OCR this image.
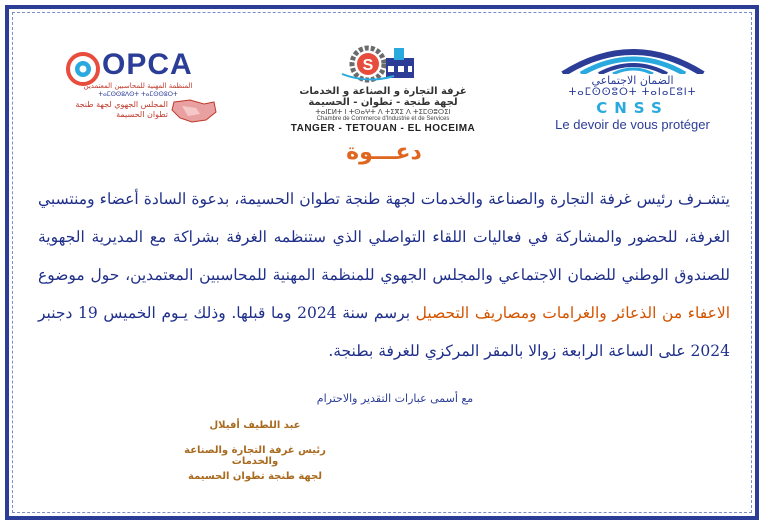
الضمان الاجتماعي
ⵜⴰⵎⵙⵙⵓⵔⵜ ⵜⴰⵏⴰⵎⵓⵏⵜ
CNSS
Le devoir de vous protéger
S
غرفة التجارة و الصناعة و الخدمات
لجهة طنجة - تطوان - الحسيمة
ⵜⴰⵏⵎⵍⵜ ⵏ ⵜⵙⴰⵖⵜ ⴷ ⵜⵉⴳⵉ ⴷ ⵜⵉⵎⵙⵓⵔⵉⵏ
Chambre de Commerce d'Industrie et de Services
TANGER - TETOUAN - EL HOCEIMA
OPCA
المنظمة المهنية للمحاسبين المعتمدين
ⵜⴰⵎⵙⵙⵓⴷⵙⵜ ⵜⴰⵎⵙⵙⵓⵔⵜ
المجلس الجهوي لجهة طنجة تطوان الحسيمة
دعـــوة
يتشـرف رئيس غرفة التجارة والصناعة والخدمات لجهة طنجة تطوان الحسيمة، بدعوة السادة أعضاء ومنتسبي الغرفة، للحضور والمشاركة في فعاليات اللقاء التواصلي الذي ستنظمه الغرفة بشراكة مع المديرية الجهوية للصندوق الوطني للضمان الاجتماعي والمجلس الجهوي للمنظمة المهنية للمحاسبين المعتمدين، حول موضوع الاعفاء من الذعائر والغرامات ومصاريف التحصيل برسم سنة 2024 وما قبلها. وذلك يـوم الخميس 19 دجنبر 2024 على الساعة الرابعة زوالا بالمقر المركزي للغرفة بطنجة.
مع أسمى عبارات التقدير والاحترام
عبد اللطيف أفيلال
رئيس غرفة التجارة والصناعة والخدمات
لجهة طنجة تطوان الحسيمة
